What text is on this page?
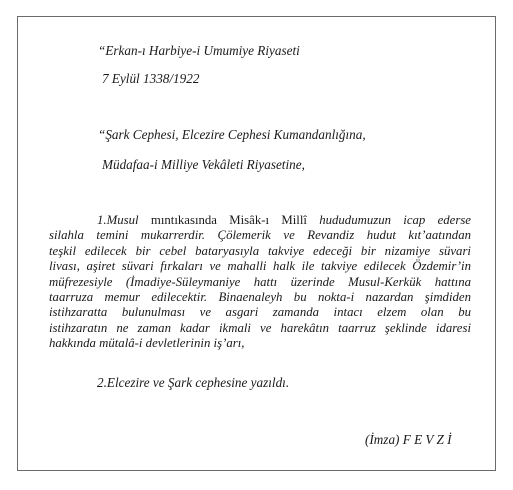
“Erkan-ı Harbiye-i Umumiye Riyaseti

7 Eylül 1338/1922

“Şark Cephesi, Elcezire Cephesi Kumandanlığına,

Müdafaa-i Milliye Vekâleti Riyasetine,

1.Musul mıntıkasında Misâk-ı Millî hududumuzun icap ederse
silahla temini mukarrerdir. Çölemerik ve Revandiz hudut kıt’aatından
teşkil edilecek bir cebel bataryasıyla takviye edeceği bir nizamiye süvari
livası, aşiret süvari fırkaları ve mahalli halk ile takviye edilecek Özdemir’in
müfrezesiyle (İmadiye-Süleymaniye hattı üzerinde Musul-Kerkük hattına
taarruza memur edilecektir. Binaenaleyh bu nokta-i nazardan şimdiden
istihzaratta bulunulması ve asgari zamanda intacı elzem olan bu
istihzaratın ne zaman kadar ikmali ve harekâtın taarruz şeklinde idaresi
hakkında mütalâ-i devletlerinin iş’arı,

2.Elcezire ve Şark cephesine yazıldı.

(İmza) F E V Z İ
